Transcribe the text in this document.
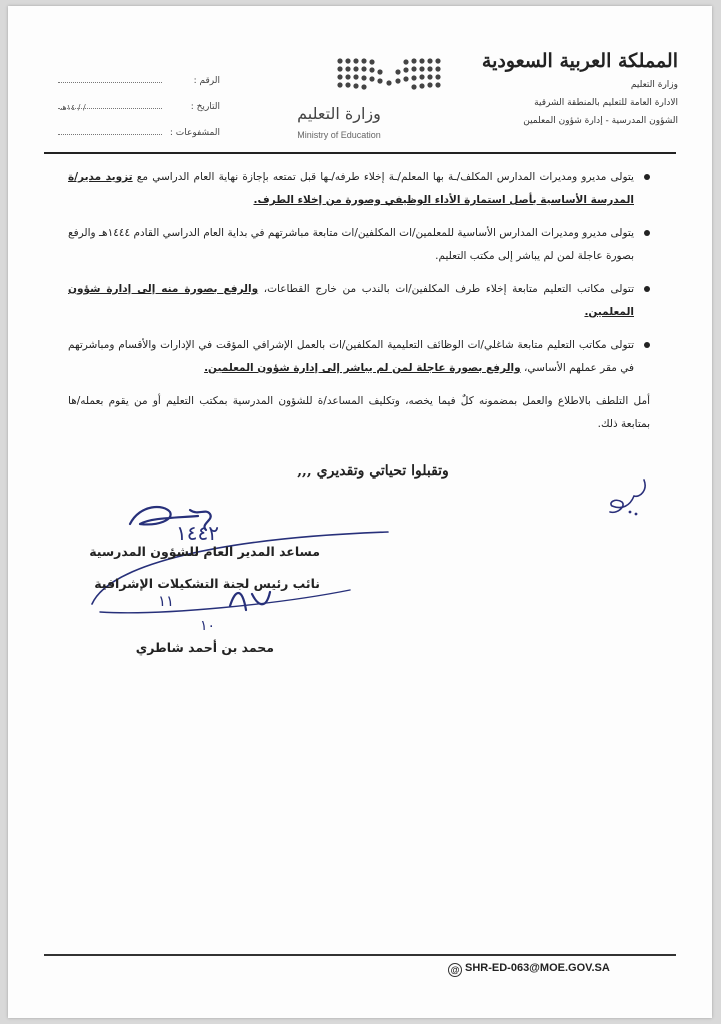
المملكة العربية السعودية
وزارة التعليم
الادارة العامة للتعليم بالمنطقة الشرقية
الشؤون المدرسية - إدارة شؤون المعلمين
وزارة التعليم
Ministry of Education
الرقم :
/ / ١٤هـ	التاريخ :
المشفوعات :
يتولى مديرو ومديرات المدارس المكلف/ـة بها المعلم/ـة إخلاء طرفه/ـها قبل تمتعه بإجازة نهاية العام الدراسي مع تزويد مدير/ة المدرسة الأساسية بأصل استمارة الأداء الوظيفي وصورة من إخلاء الطرف.
يتولى مديرو ومديرات المدارس الأساسية للمعلمين/ات المكلفين/ات متابعة مباشرتهم في بداية العام الدراسي القادم ١٤٤٤هـ والرفع بصورة عاجلة لمن لم يباشر إلى مكتب التعليم.
تتولى مكاتب التعليم متابعة إخلاء طرف المكلفين/ات بالندب من خارج القطاعات، والرفع بصورة منه إلى إدارة شؤون المعلمين.
تتولى مكاتب التعليم متابعة شاغلي/ات الوظائف التعليمية المكلفين/ات بالعمل الإشرافي المؤقت في الإدارات والأقسام ومباشرتهم في مقر عملهم الأساسي، والرفع بصورة عاجلة لمن لم يباشر إلى إدارة شؤون المعلمين.
أمل التلطف بالاطلاع والعمل بمضمونه كلٌ فيما يخصه، وتكليف المساعد/ة للشؤون المدرسية بمكتب التعليم أو من يقوم بعمله/ها بمتابعة ذلك.
وتقبلوا تحياتي وتقديري ,,,
١٤٤٢
١١
١٠
مساعد المدير العام للشؤون المدرسية
نائب رئيس لجنة التشكيلات الإشرافية
محمد بن أحمد شاطري
@ SHR-ED-063@MOE.GOV.SA
